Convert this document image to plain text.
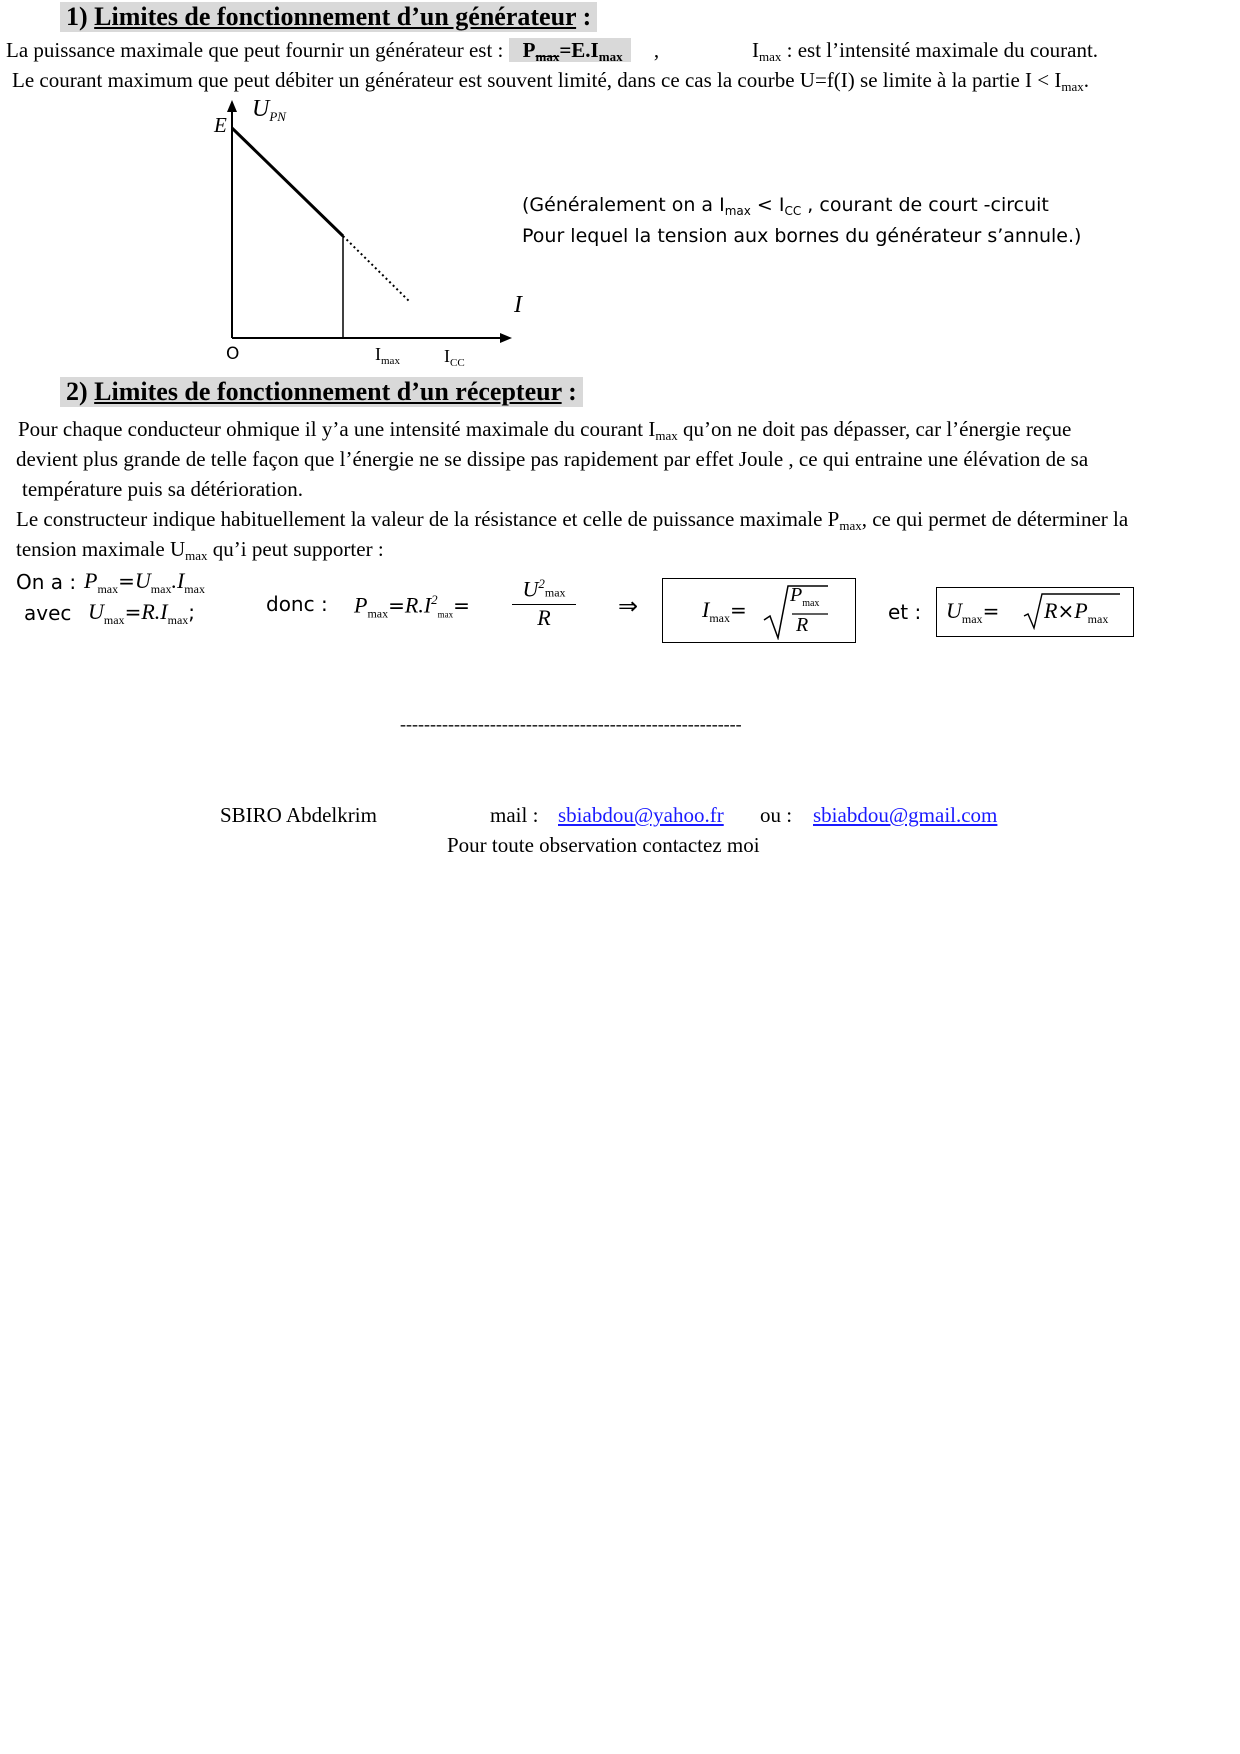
1) Limites de fonctionnement d’un générateur :
La puissance maximale que peut fournir un générateur est : $P_{max}=E.I_{max}$ ,	$I_{max}$ : est l’intensité maximale du courant.
Le courant maximum que peut débiter un générateur est souvent limité, dans ce cas la courbe U=f(I) se limite à la partie $I < I_{max}$.
E
$U_{PN}$
I
O	$I_{max}$ $I_{CC}$
(Généralement on a $I_{max} < I_{CC}$ , courant de court -circuit
Pour lequel la tension aux bornes du générateur s’annule.)
2) Limites de fonctionnement d’un récepteur :
Pour chaque conducteur ohmique il y’a une intensité maximale du courant $I_{max}$ qu’on ne doit pas dépasser, car l’énergie reçue
devient plus grande de telle façon que l’énergie ne se dissipe pas rapidement par effet Joule , ce qui entraine une élévation de sa
température puis sa détérioration.
Le constructeur indique habituellement la valeur de la résistance et celle de puissance maximale $P_{max}$, ce qui permet de déterminer la
tension maximale $U_{max}$ qu’i peut supporter :
On a : $P_{max}=U_{max}.I_{max}$
avec $U_{max}=R.I_{max}$;	donc : $P_{max}=R.I^2_{max}=$
$U^2\max$
R	⇒	$I_{max}=$
$P_{max}$
R
et : $U_{max}= R\times P_{max}$
---------------------------------------------------------
SBIRO Abdelkrim	mail : sbiabdou@yahoo.fr ou : sbiabdou@gmail.com
Pour toute observation contactez moi
